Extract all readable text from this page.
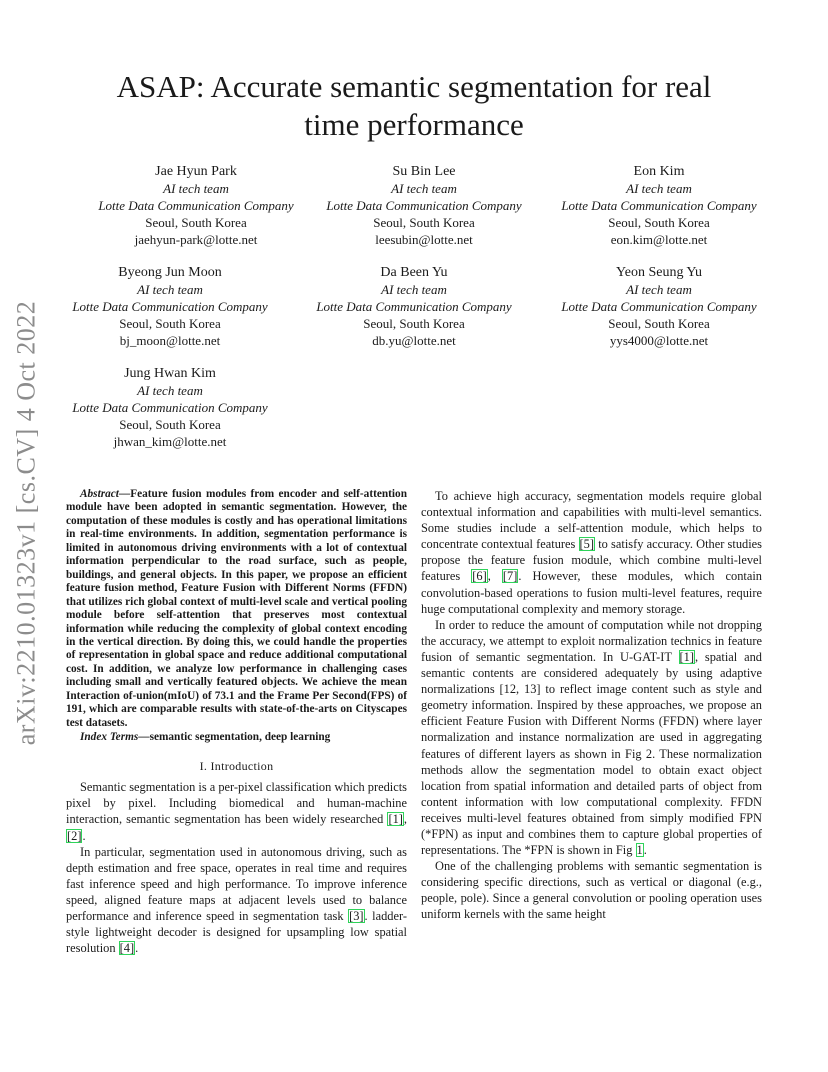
arXiv:2210.01323v1 [cs.CV] 4 Oct 2022
ASAP: Accurate semantic segmentation for real
time performance
Jae Hyun Park
AI tech team
Lotte Data Communication Company
Seoul, South Korea
jaehyun-park@lotte.net
Su Bin Lee
AI tech team
Lotte Data Communication Company
Seoul, South Korea
leesubin@lotte.net
Eon Kim
AI tech team
Lotte Data Communication Company
Seoul, South Korea
eon.kim@lotte.net
Byeong Jun Moon
AI tech team
Lotte Data Communication Company
Seoul, South Korea
bj_moon@lotte.net
Da Been Yu
AI tech team
Lotte Data Communication Company
Seoul, South Korea
db.yu@lotte.net
Yeon Seung Yu
AI tech team
Lotte Data Communication Company
Seoul, South Korea
yys4000@lotte.net
Jung Hwan Kim
AI tech team
Lotte Data Communication Company
Seoul, South Korea
jhwan_kim@lotte.net

Abstract—Feature fusion modules from encoder and self-attention module have been adopted in semantic segmentation. However, the computation of these modules is costly and has operational limitations in real-time environments. In addition, segmentation performance is limited in autonomous driving environments with a lot of contextual information perpendicular to the road surface, such as people, buildings, and general objects. In this paper, we propose an efficient feature fusion method, Feature Fusion with Different Norms (FFDN) that utilizes rich global context of multi-level scale and vertical pooling module before self-attention that preserves most contextual information while reducing the complexity of global context encoding in the vertical direction. By doing this, we could handle the properties of representation in global space and reduce additional computational cost. In addition, we analyze low performance in challenging cases including small and vertically featured objects. We achieve the mean Interaction of-union(mIoU) of 73.1 and the Frame Per Second(FPS) of 191, which are comparable results with state-of-the-arts on Cityscapes test datasets.

Index Terms—semantic segmentation, deep learning

I. Introduction

Semantic segmentation is a per-pixel classification which predicts pixel by pixel. Including biomedical and human-machine interaction, semantic segmentation has been widely researched [1], [2].

In particular, segmentation used in autonomous driving, such as depth estimation and free space, operates in real time and requires fast inference speed and high performance. To improve inference speed, aligned feature maps at adjacent levels used to balance performance and inference speed in segmentation task [3]. ladder-style lightweight decoder is designed for upsampling low spatial resolution [4].

To achieve high accuracy, segmentation models require global contextual information and capabilities with multi-level semantics. Some studies include a self-attention module, which helps to concentrate contextual features [5] to satisfy accuracy. Other studies propose the feature fusion module, which combine multi-level features [6], [7]. However, these modules, which contain convolution-based operations to fusion multi-level features, require huge computational complexity and memory storage.

In order to reduce the amount of computation while not dropping the accuracy, we attempt to exploit normalization technics in feature fusion of semantic segmentation. In U-GAT-IT [1], spatial and semantic contents are considered adequately by using adaptive normalizations [12, 13] to reflect image content such as style and geometry information. Inspired by these approaches, we propose an efficient Feature Fusion with Different Norms (FFDN) where layer normalization and instance normalization are used in aggregating features of different layers as shown in Fig 2. These normalization methods allow the segmentation model to obtain exact object location from spatial information and detailed parts of object from content information with low computational complexity. FFDN receives multi-level features obtained from simply modified FPN (*FPN) as input and combines them to capture global properties of representations. The *FPN is shown in Fig 1.

One of the challenging problems with semantic segmentation is considering specific directions, such as vertical or diagonal (e.g., people, pole). Since a general convolution or pooling operation uses uniform kernels with the same height
